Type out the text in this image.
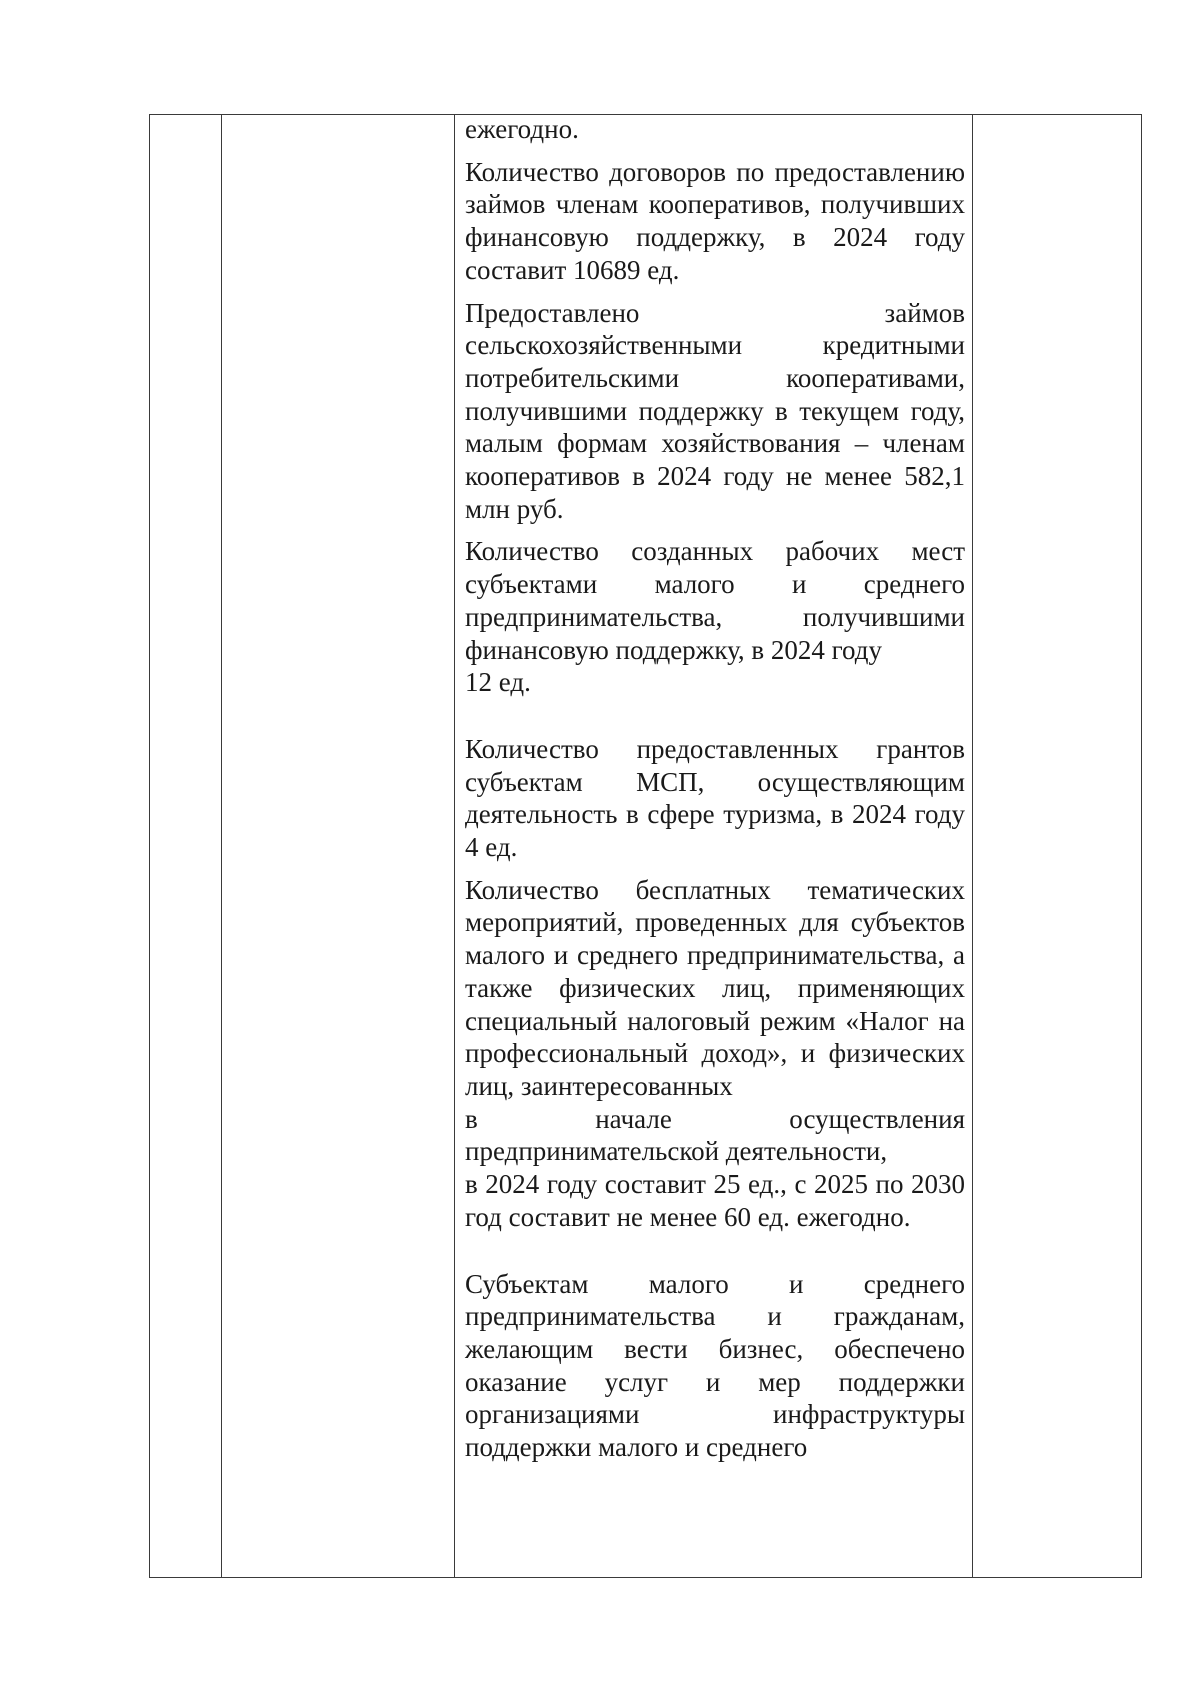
ежегодно.

Количество договоров по предоставлению займов членам кооперативов, получивших финансовую поддержку, в 2024 году составит 10689 ед.

Предоставлено займов сельскохозяйственными кредитными потребительскими кооперативами, получившими поддержку в текущем году, малым формам хозяйствования – членам кооперативов в 2024 году не менее 582,1 млн руб.

Количество созданных рабочих мест субъектами малого и среднего предпринимательства, получившими финансовую поддержку, в 2024 году
12 ед.

Количество предоставленных грантов субъектам МСП, осуществляющим деятельность в сфере туризма, в 2024 году 4 ед.

Количество бесплатных тематических мероприятий, проведенных для субъектов малого и среднего предпринимательства, а также физических лиц, применяющих специальный налоговый режим «Налог на профессиональный доход», и физических лиц, заинтересованных
в начале осуществления предпринимательской деятельности,
в 2024 году составит 25 ед., с 2025 по 2030 год составит не менее 60 ед. ежегодно.

Субъектам малого и среднего предпринимательства и гражданам, желающим вести бизнес, обеспечено оказание услуг и мер поддержки организациями инфраструктуры поддержки малого и среднего
